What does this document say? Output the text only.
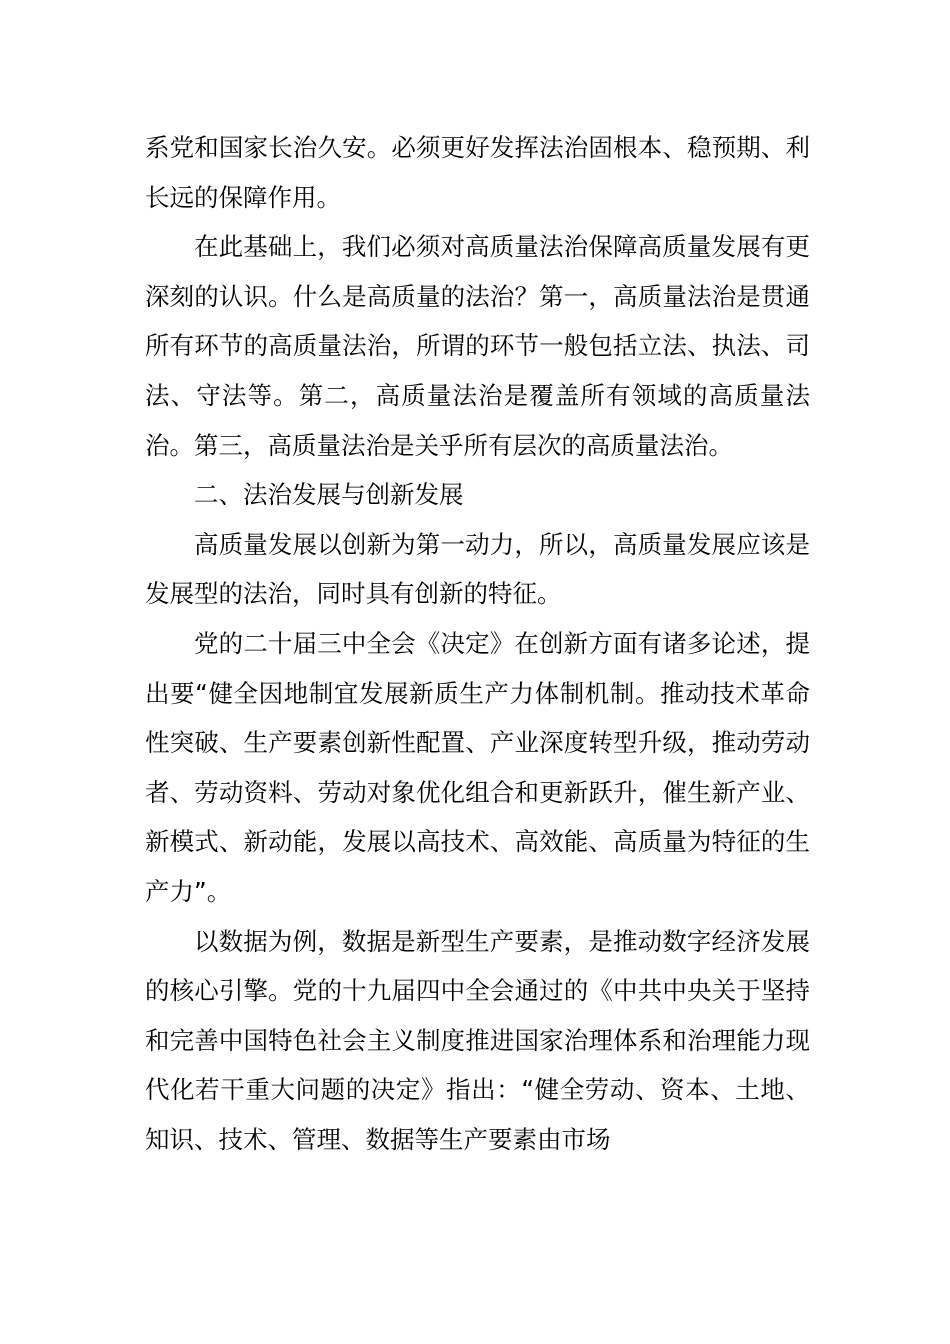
系党和国家长治久安。必须更好发挥法治固根本、稳预期、利长远的保障作用。

在此基础上，我们必须对高质量法治保障高质量发展有更深刻的认识。什么是高质量的法治？第一，高质量法治是贯通所有环节的高质量法治，所谓的环节一般包括立法、执法、司法、守法等。第二，高质量法治是覆盖所有领域的高质量法治。第三，高质量法治是关乎所有层次的高质量法治。

二、法治发展与创新发展

高质量发展以创新为第一动力，所以，高质量发展应该是发展型的法治，同时具有创新的特征。

党的二十届三中全会《决定》在创新方面有诸多论述，提出要“健全因地制宜发展新质生产力体制机制。推动技术革命性突破、生产要素创新性配置、产业深度转型升级，推动劳动者、劳动资料、劳动对象优化组合和更新跃升，催生新产业、新模式、新动能，发展以高技术、高效能、高质量为特征的生产力”。

以数据为例，数据是新型生产要素，是推动数字经济发展的核心引擎。党的十九届四中全会通过的《中共中央关于坚持和完善中国特色社会主义制度推进国家治理体系和治理能力现代化若干重大问题的决定》指出：“健全劳动、资本、土地、知识、技术、管理、数据等生产要素由市场
